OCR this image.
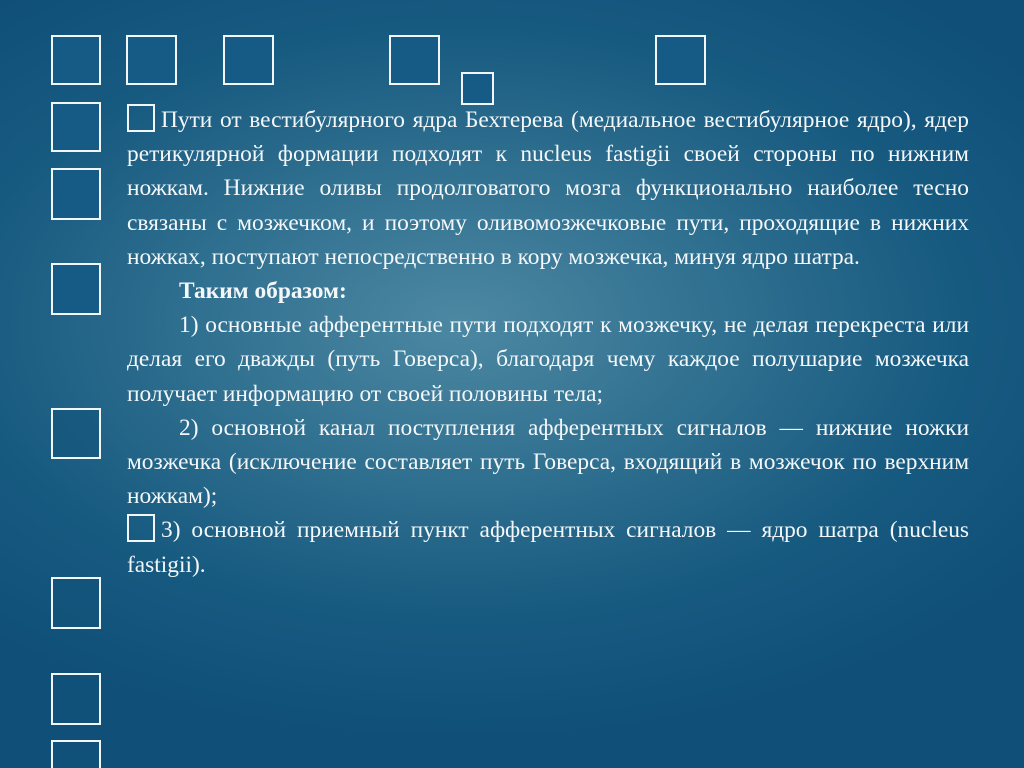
Пути от вестибулярного ядра Бехтерева (медиальное вестибулярное ядро), ядер ретикулярной формации подходят к nucleus fastigii своей стороны по нижним ножкам. Нижние оливы продолговатого мозга функционально наиболее тесно связаны с мозжечком, и поэтому оливомозжечковые пути, проходящие в нижних ножках, поступают непосредственно в кору мозжечка, минуя ядро шатра.

Таким образом:

1) основные афферентные пути подходят к мозжечку, не делая перекреста или делая его дважды (путь Говерса), благодаря чему каждое полушарие мозжечка получает информацию от своей половины тела;

2) основной канал поступления афферентных сигналов — нижние ножки мозжечка (исключение составляет путь Говерса, входящий в мозжечок по верхним ножкам);

3) основной приемный пункт афферентных сигналов — ядро шатра (nucleus fastigii).
